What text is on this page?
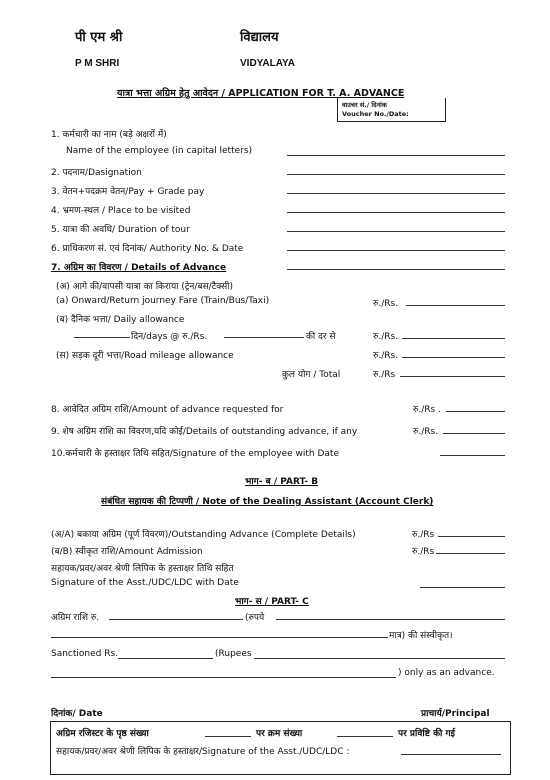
पी एम श्री	विद्यालय
P M SHRI	VIDYALAYA
यात्रा भत्ता अग्रिम हेतु आवेदन / APPLICATION FOR T. A. ADVANCE
वाउचर सं./ दिनांक
Voucher No./Date:
1. कर्मचारी का नाम (बड़े अक्षरों में)
Name of the employee (in capital letters)
2. पदनाम/Dasignation
3. वेतन+पदक्रम वेतन/Pay + Grade pay
4. भ्रमण-स्थल / Place to be visited
5. यात्रा की अवधि/ Duration of tour
6. प्राधिकरण सं. एवं दिनांक/ Authority No. & Date
7. अग्रिम का विवरण / Details of Advance
(अ) आगे की/वापसी यात्रा का किराया (ट्रेन/बस/टैक्सी)
(a) Onward/Return journey Fare (Train/Bus/Taxi)	रु./Rs.
(ब) दैनिक भत्ता/ Daily allowance
दिन/days @ रु./Rs.	की दर से	रु./Rs.
(स) सड़क दूरी भत्ता/Road mileage allowance	रु./Rs.
कुल योग / Total	रु./Rs
8. आवेदित अग्रिम राशि/Amount of advance requested for	रु./Rs .
9. शेष अग्रिम राशि का विवरण,यदि कोई/Details of outstanding advance, if any	रु./Rs.
10.कर्मचारी के हस्ताक्षर तिथि सहित/Signature of the employee with Date
भाग- ब / PART- B
संबंधित सहायक की टिप्पणी / Note of the Dealing Assistant (Account Clerk)
(अ/A) बकाया अग्रिम (पूर्ण विवरण)/Outstanding Advance (Complete Details)	रु./Rs
(ब/B) स्वीकृत राशि/Amount Admission	रु./Rs
सहायक/प्रवर/अवर श्रेणी लिपिक के हस्ताक्षर तिथि सहित
Signature of the Asst./UDC/LDC with Date
भाग- स / PART- C
अग्रिम राशि रु.	(रुपये
मात्र) की संस्वीकृत।
Sanctioned Rs.	(Rupees
) only as an advance.
दिनांक/ Date	प्राचार्य/Principal
अग्रिम रजिस्टर के पृष्ठ संख्या	पर क्रम संख्या	पर प्रविष्टि की गई
सहायक/प्रवर/अवर श्रेणी लिपिक के हस्ताक्षर/Signature of the Asst./UDC/LDC :
